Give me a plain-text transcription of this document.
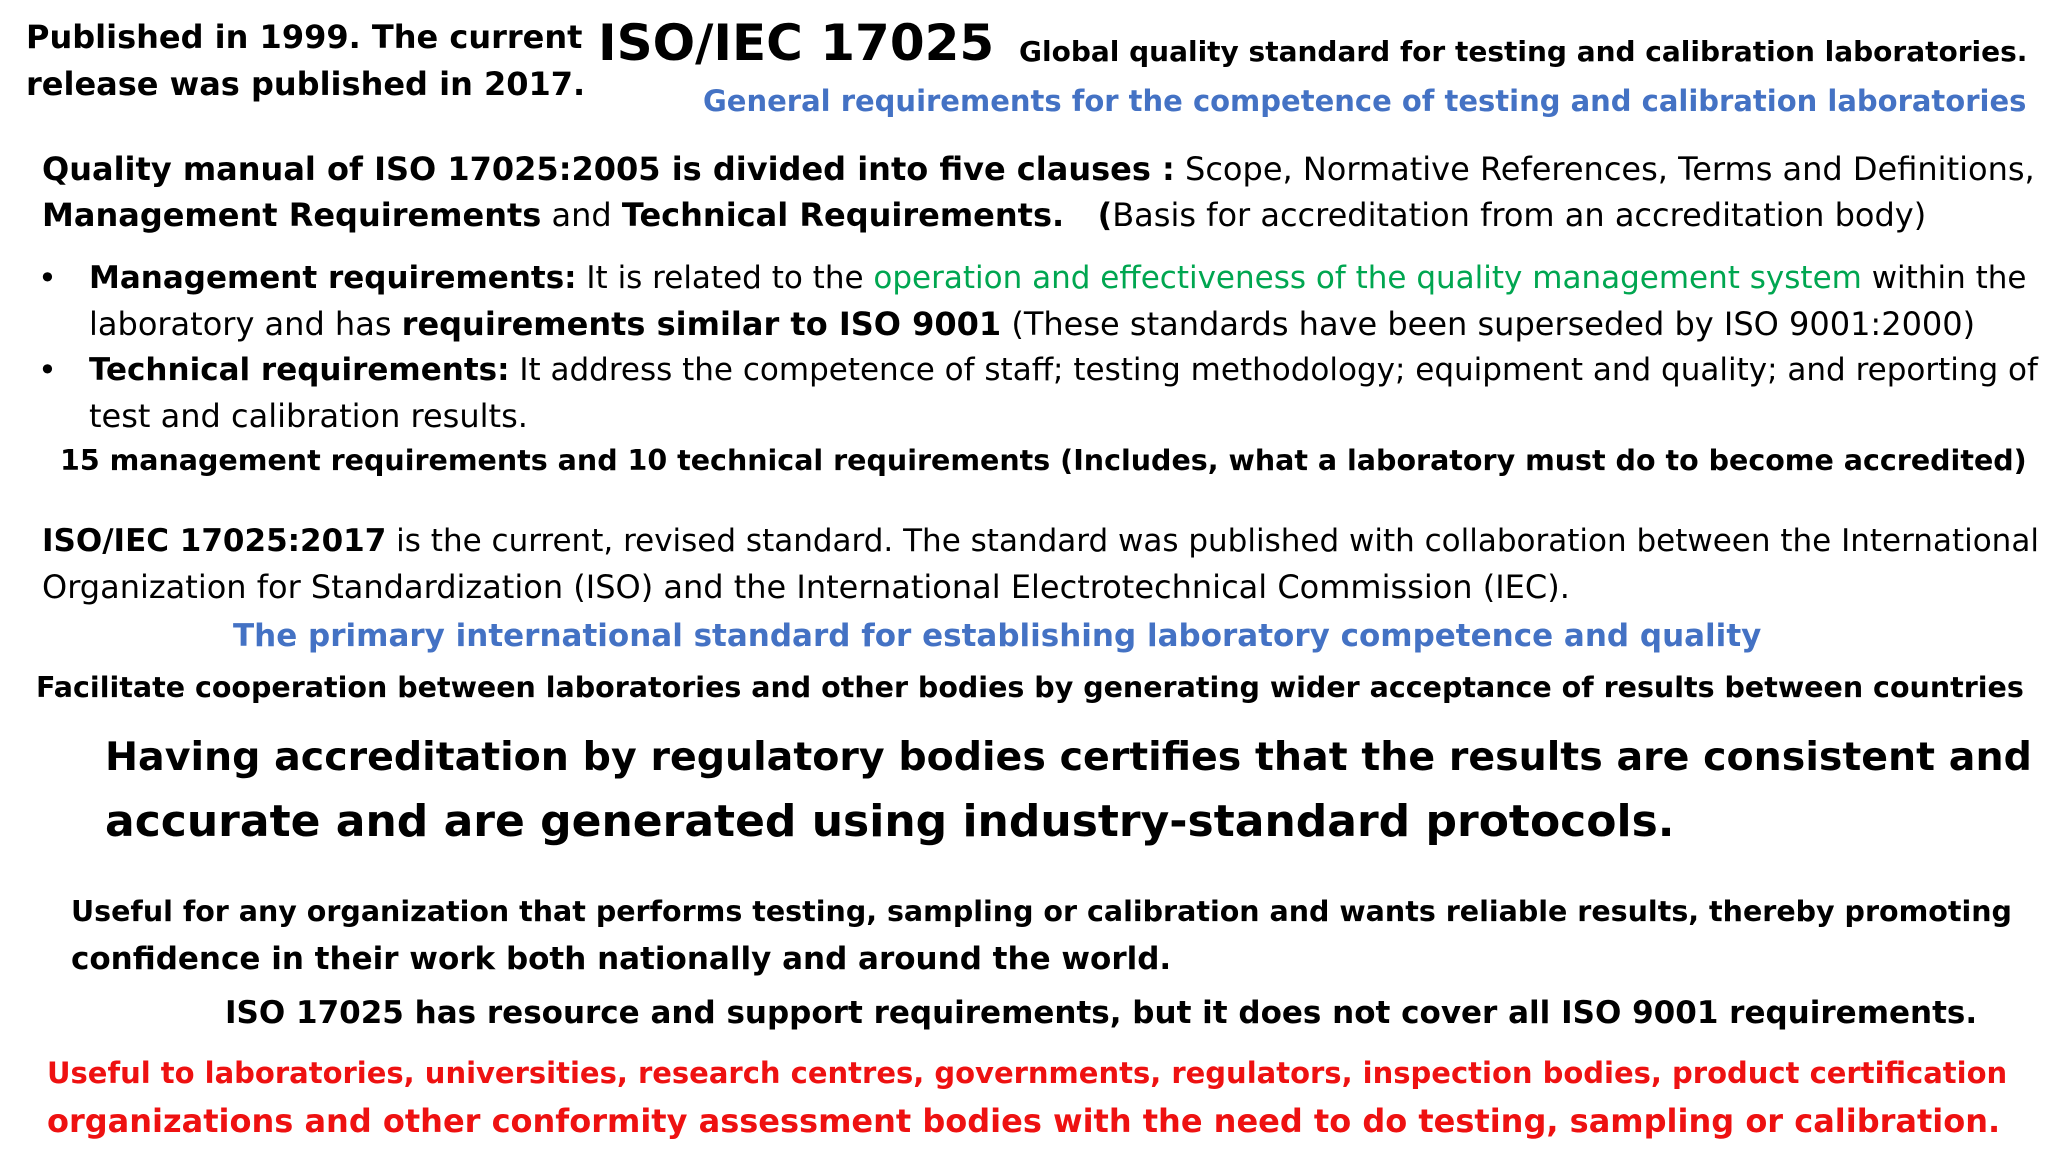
Published in 1999. The current
release was published in 2017.
ISO/IEC 17025 Global quality standard for testing and calibration laboratories.
General requirements for the competence of testing and calibration laboratories
Quality manual of ISO 17025:2005 is divided into five clauses : Scope, Normative References, Terms and Definitions,
Management Requirements and Technical Requirements.   (Basis for accreditation from an accreditation body)
• Management requirements: It is related to the operation and effectiveness of the quality management system within the
laboratory and has requirements similar to ISO 9001 (These standards have been superseded by ISO 9001:2000)
• Technical requirements: It address the competence of staff; testing methodology; equipment and quality; and reporting of
test and calibration results.
15 management requirements and 10 technical requirements (Includes, what a laboratory must do to become accredited)
ISO/IEC 17025:2017 is the current, revised standard. The standard was published with collaboration between the International
Organization for Standardization (ISO) and the International Electrotechnical Commission (IEC).
The primary international standard for establishing laboratory competence and quality
Facilitate cooperation between laboratories and other bodies by generating wider acceptance of results between countries
Having accreditation by regulatory bodies certifies that the results are consistent and
accurate and are generated using industry-standard protocols.
Useful for any organization that performs testing, sampling or calibration and wants reliable results, thereby promoting
confidence in their work both nationally and around the world.
ISO 17025 has resource and support requirements, but it does not cover all ISO 9001 requirements.
Useful to laboratories, universities, research centres, governments, regulators, inspection bodies, product certification
organizations and other conformity assessment bodies with the need to do testing, sampling or calibration.
